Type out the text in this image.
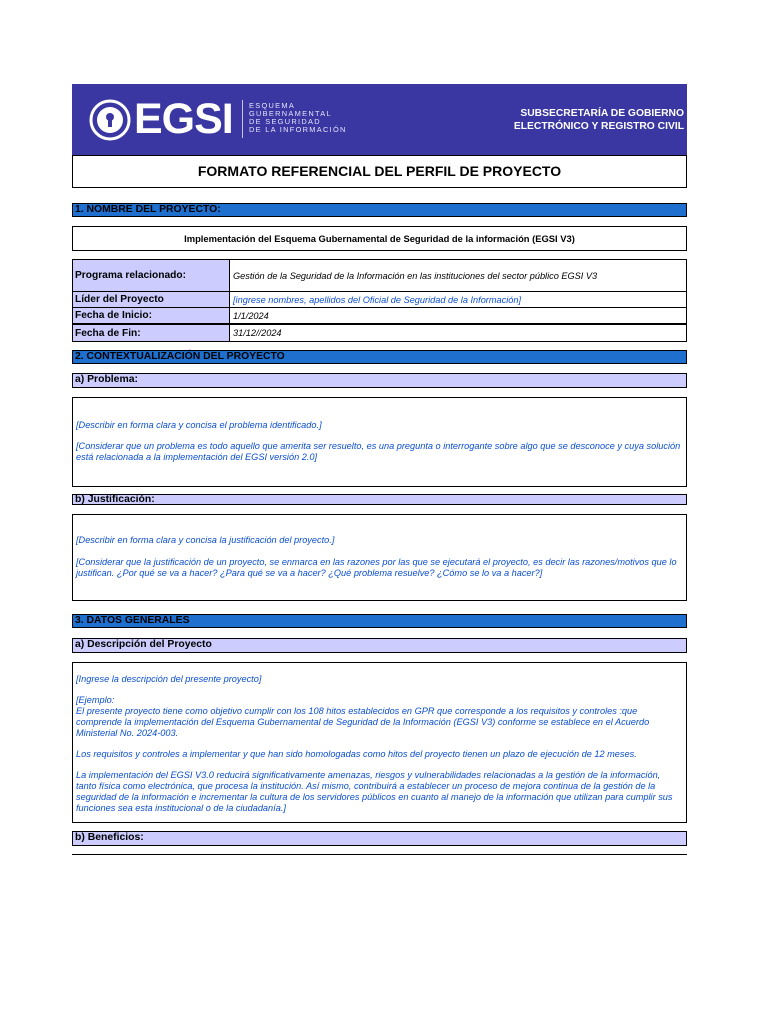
EGSI ESQUEMA
GUBERNAMENTAL
DE SEGURIDAD
DE LA INFORMACIÓN
SUBSECRETARÍA DE GOBIERNO
ELECTRÓNICO Y REGISTRO CIVIL
FORMATO REFERENCIAL DEL PERFIL DE PROYECTO
1. NOMBRE DEL PROYECTO:
Implementación del Esquema Gubernamental de Seguridad de la información (EGSI V3)
Programa relacionado:	Gestión de la Seguridad de la Información en las instituciones del sector público EGSI V3
Líder del Proyecto	[ingrese nombres, apellidos del Oficial de Seguridad de la Información]
Fecha de Inicio:	1/1/2024
Fecha de Fin:	31/12//2024
2. CONTEXTUALIZACIÓN DEL PROYECTO
a) Problema:

[Describir en forma clara y concisa el problema identificado.]

[Considerar que un problema es todo aquello que amerita ser resuelto, es una pregunta o interrogante sobre algo que se desconoce y cuya solución está relacionada a la implementación del EGSI versión 2.0]

b) Justificación:

[Describir en forma clara y concisa la justificación del proyecto.]

[Considerar que la justificación de un proyecto, se enmarca en las razones por las que se ejecutará el proyecto, es decir las razones/motivos que lo justifican. ¿Por qué se va a hacer? ¿Para qué se va a hacer? ¿Qué problema resuelve? ¿Cómo se lo va a hacer?]

3. DATOS GENERALES
a) Descripción del Proyecto

[Ingrese la descripción del presente proyecto]

[Ejemplo:

El presente proyecto tiene como objetivo cumplir con los 108 hitos establecidos en GPR que corresponde a los requisitos y controles :que comprende la implementación del Esquema Gubernamental de Seguridad de la Información (EGSI V3) conforme se establece en el Acuerdo Ministerial No. 2024-003.

Los requisitos y controles a implementar y que han sido homologadas como hitos del proyecto tienen un plazo de ejecución de 12 meses.

La implementación del EGSI V3.0 reducirá significativamente amenazas, riesgos y vulnerabilidades relacionadas a la gestión de la información, tanto física como electrónica, que procesa la institución. Así mismo, contribuirá a establecer un proceso de mejora continua de la gestión de la seguridad de la información e incrementar la cultura de los servidores públicos en cuanto al manejo de la información que utilizan para cumplir sus funciones sea esta institucional o de la ciudadanía.]

b) Beneficios:
